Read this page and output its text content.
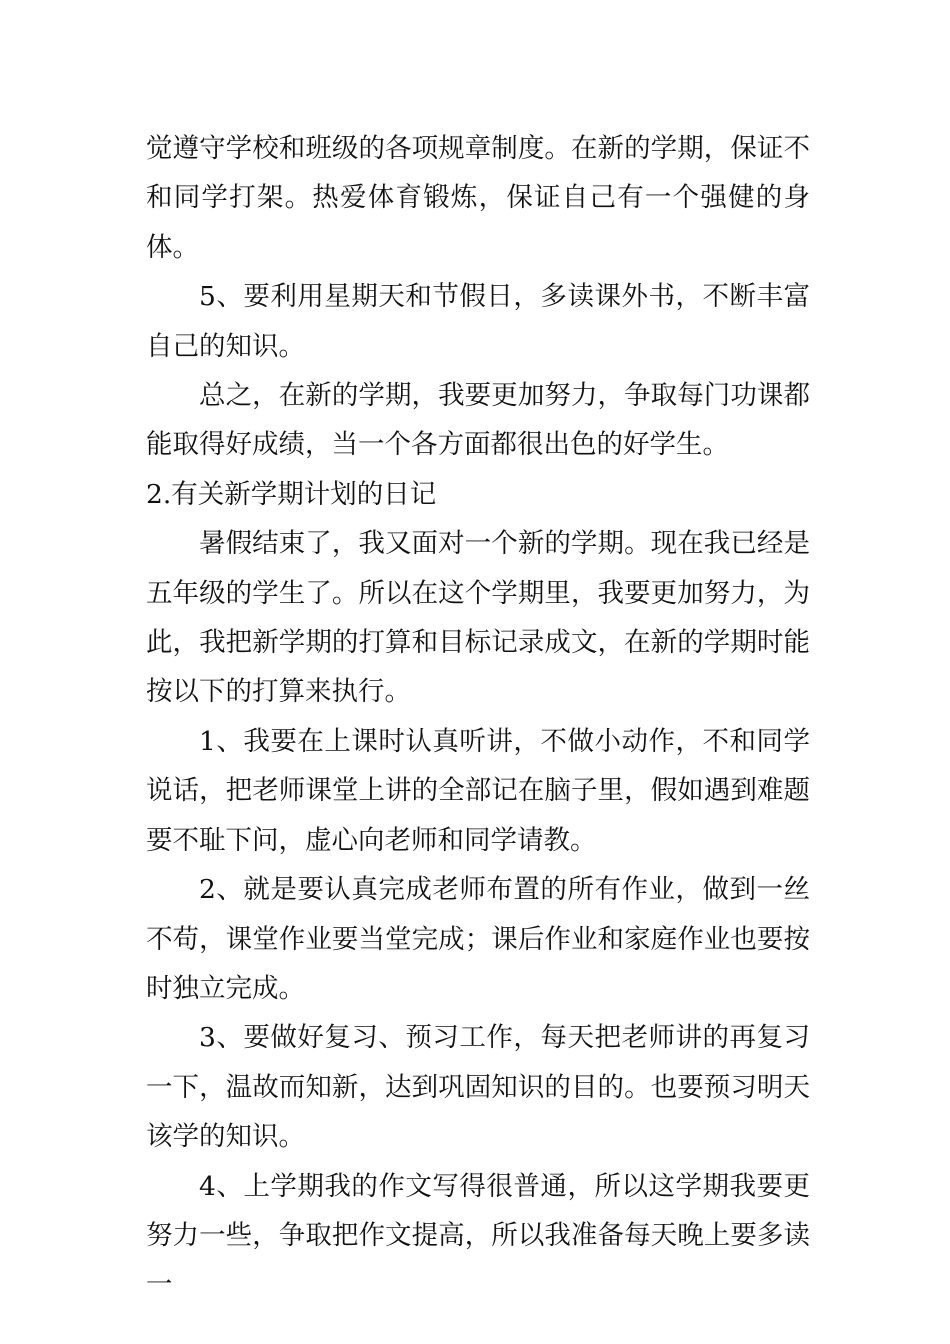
觉遵守学校和班级的各项规章制度。在新的学期，保证不和同学打架。热爱体育锻炼，保证自己有一个强健的身体。

5、要利用星期天和节假日，多读课外书，不断丰富自己的知识。

总之，在新的学期，我要更加努力，争取每门功课都能取得好成绩，当一个各方面都很出色的好学生。

2.有关新学期计划的日记

暑假结束了，我又面对一个新的学期。现在我已经是五年级的学生了。所以在这个学期里，我要更加努力，为此，我把新学期的打算和目标记录成文，在新的学期时能按以下的打算来执行。

1、我要在上课时认真听讲，不做小动作，不和同学说话，把老师课堂上讲的全部记在脑子里，假如遇到难题要不耻下问，虚心向老师和同学请教。

2、就是要认真完成老师布置的所有作业，做到一丝不苟，课堂作业要当堂完成；课后作业和家庭作业也要按时独立完成。

3、要做好复习、预习工作，每天把老师讲的再复习一下，温故而知新，达到巩固知识的目的。也要预习明天该学的知识。

4、上学期我的作文写得很普通，所以这学期我要更努力一些，争取把作文提高，所以我准备每天晚上要多读一
